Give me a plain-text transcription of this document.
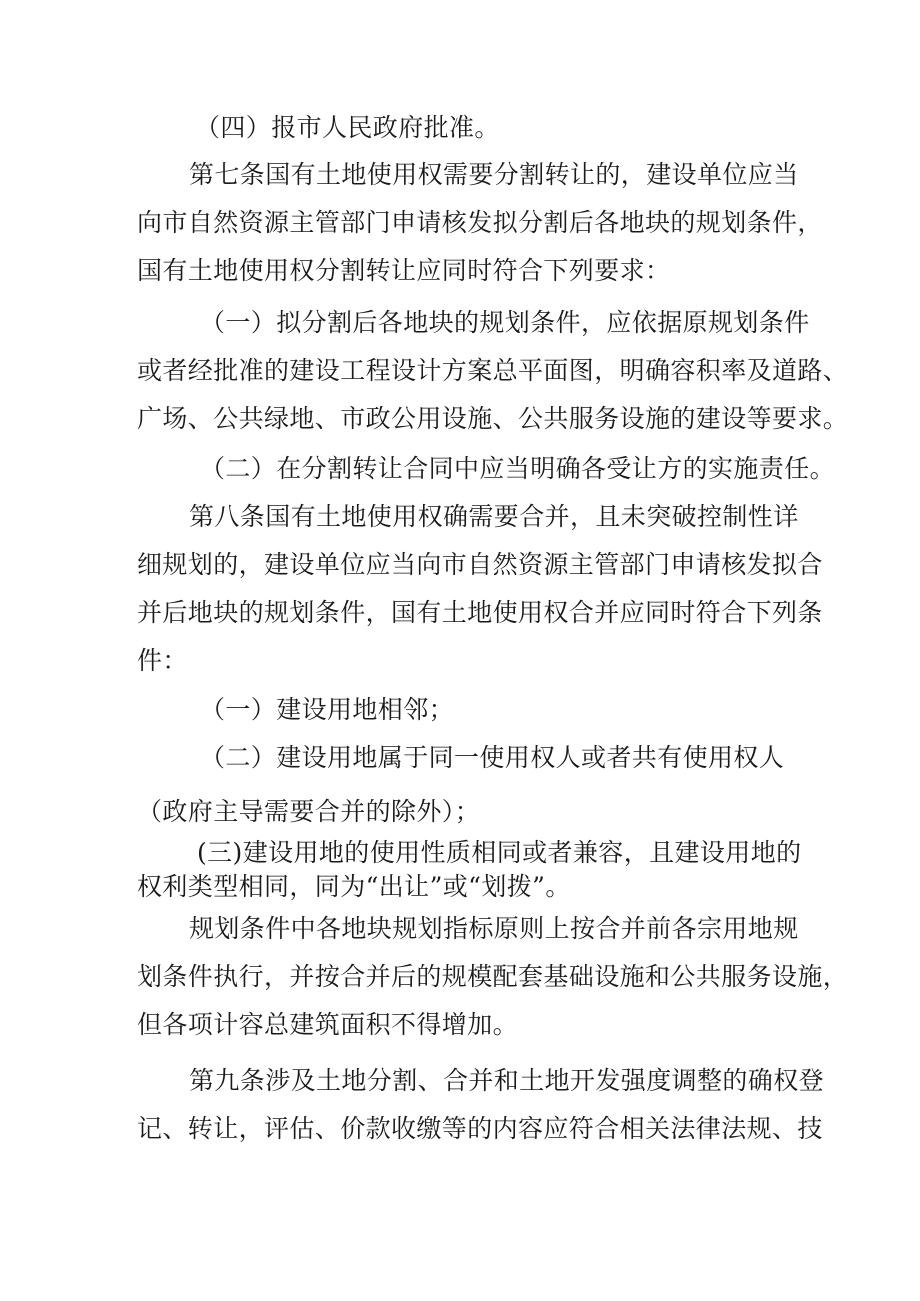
（四）报市人民政府批准。

第七条国有土地使用权需要分割转让的，建设单位应当

向市自然资源主管部门申请核发拟分割后各地块的规划条件，

国有土地使用权分割转让应同时符合下列要求：

（一）拟分割后各地块的规划条件，应依据原规划条件

或者经批准的建设工程设计方案总平面图，明确容积率及道路、

广场、公共绿地、市政公用设施、公共服务设施的建设等要求。

（二）在分割转让合同中应当明确各受让方的实施责任。

第八条国有土地使用权确需要合并，且未突破控制性详

细规划的，建设单位应当向市自然资源主管部门申请核发拟合

并后地块的规划条件，国有土地使用权合并应同时符合下列条

件：

（一）建设用地相邻；

（二）建设用地属于同一使用权人或者共有使用权人

（政府主导需要合并的除外）；

(三)建设用地的使用性质相同或者兼容，且建设用地的

权利类型相同，同为“出让”或“划拨”。

规划条件中各地块规划指标原则上按合并前各宗用地规

划条件执行，并按合并后的规模配套基础设施和公共服务设施，

但各项计容总建筑面积不得增加。

第九条涉及土地分割、合并和土地开发强度调整的确权登

记、转让，评估、价款收缴等的内容应符合相关法律法规、技
